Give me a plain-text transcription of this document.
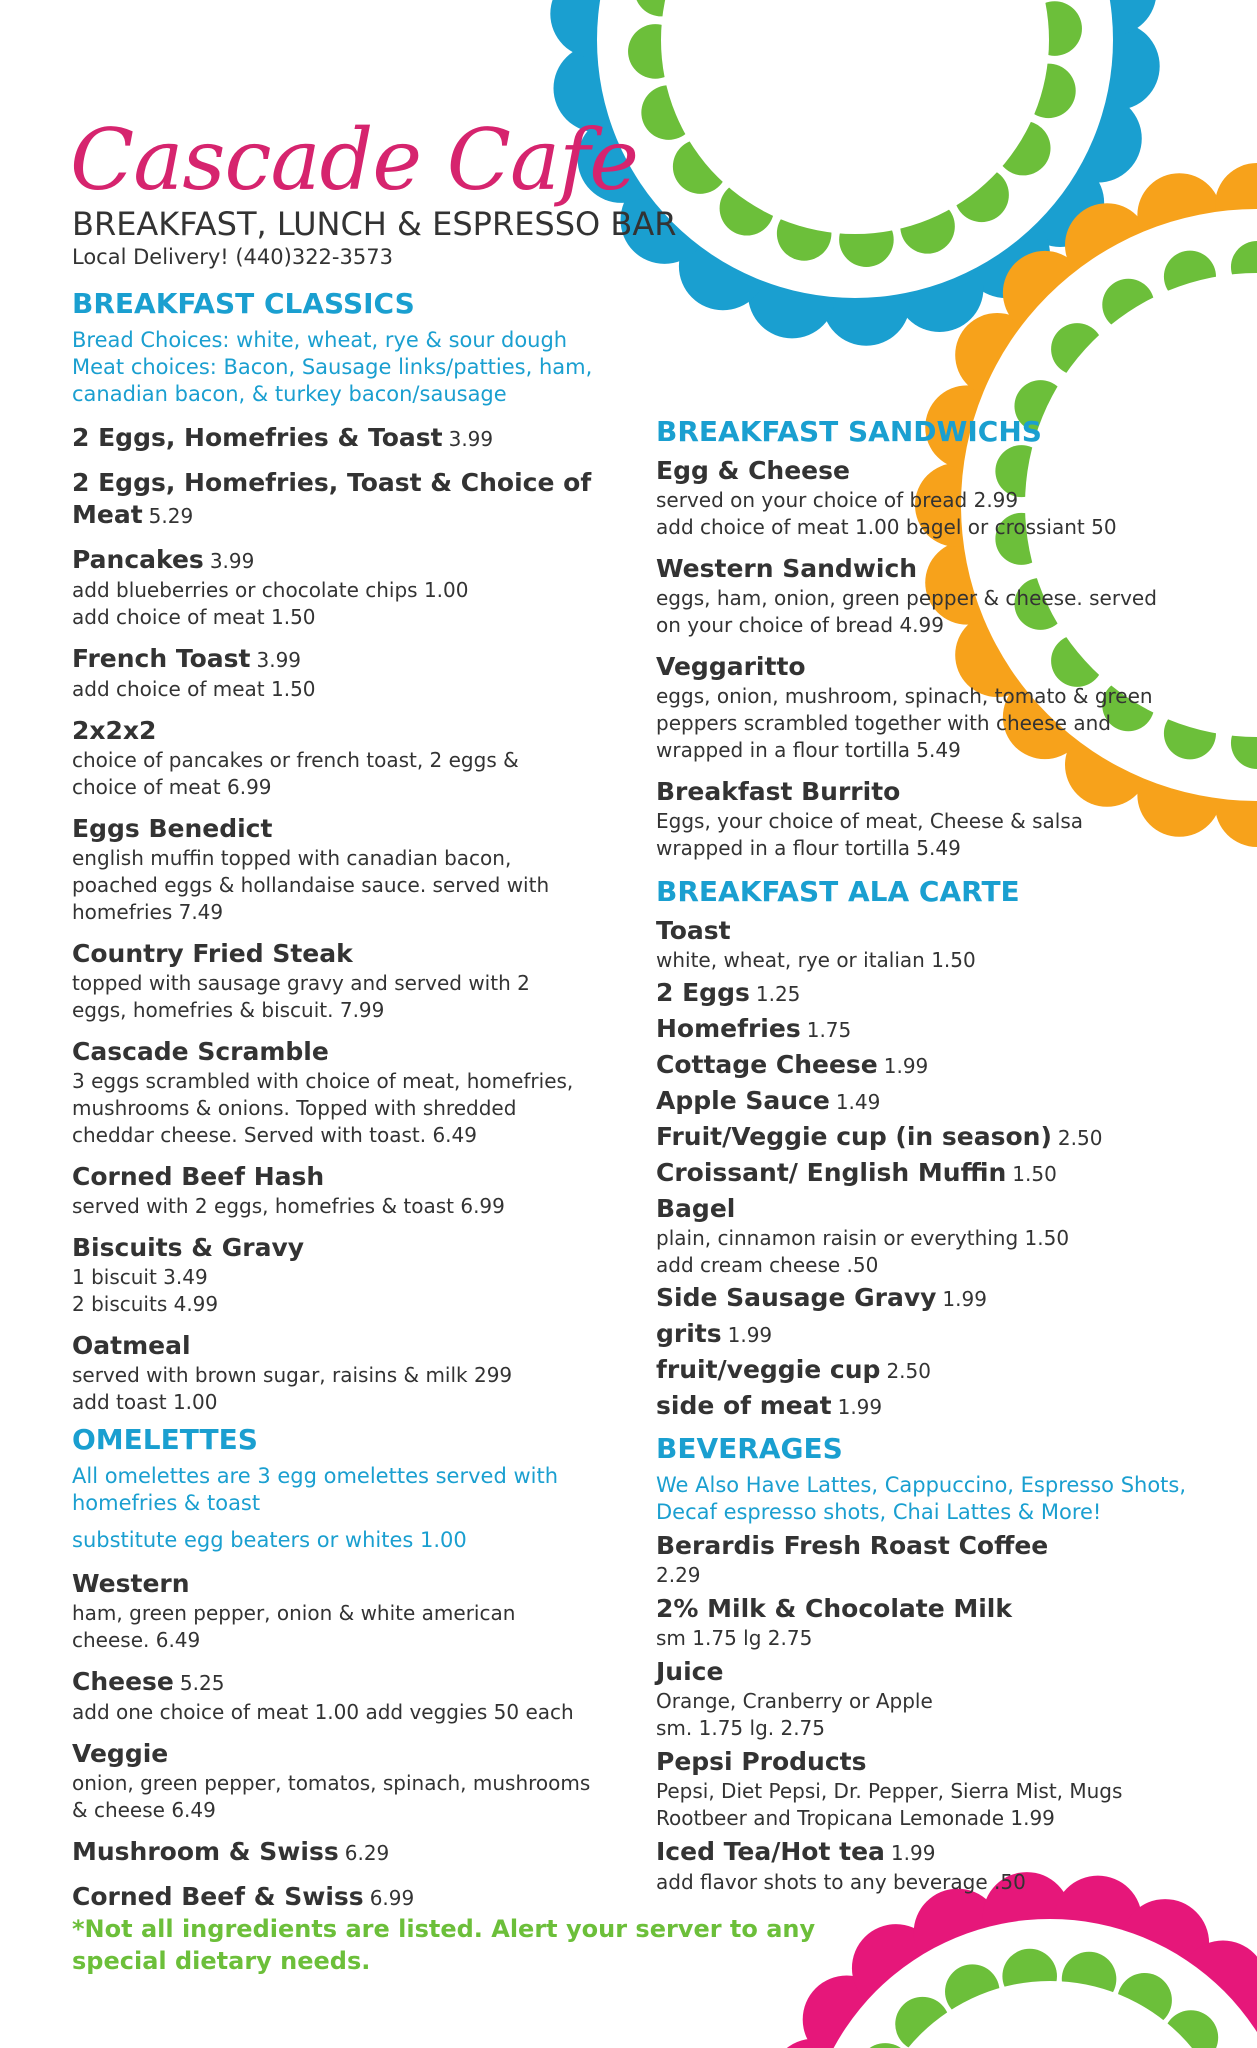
Cascade Cafe
BREAKFAST, LUNCH & ESPRESSO BAR
Local Delivery! (440)322-3573
BREAKFAST CLASSICS
Bread Choices: white, wheat, rye & sour dough
Meat choices: Bacon, Sausage links/patties, ham,
canadian bacon, & turkey bacon/sausage
2 Eggs, Homefries & Toast 3.99
2 Eggs, Homefries, Toast & Choice of
Meat 5.29
Pancakes 3.99
add blueberries or chocolate chips 1.00
add choice of meat 1.50
French Toast 3.99
add choice of meat 1.50
2x2x2
choice of pancakes or french toast, 2 eggs &
choice of meat 6.99
Eggs Benedict
english muffin topped with canadian bacon,
poached eggs & hollandaise sauce. served with
homefries 7.49
Country Fried Steak
topped with sausage gravy and served with 2
eggs, homefries & biscuit. 7.99
Cascade Scramble
3 eggs scrambled with choice of meat, homefries,
mushrooms & onions. Topped with shredded
cheddar cheese. Served with toast. 6.49
Corned Beef Hash
served with 2 eggs, homefries & toast 6.99
Biscuits & Gravy
1 biscuit 3.49
2 biscuits 4.99
Oatmeal
served with brown sugar, raisins & milk 299
add toast 1.00
OMELETTES
All omelettes are 3 egg omelettes served with
homefries & toast
substitute egg beaters or whites 1.00
Western
ham, green pepper, onion & white american
cheese. 6.49
Cheese 5.25
add one choice of meat 1.00 add veggies 50 each
Veggie
onion, green pepper, tomatos, spinach, mushrooms
& cheese 6.49
Mushroom & Swiss 6.29
Corned Beef & Swiss 6.99
BREAKFAST SANDWICHS
Egg & Cheese
served on your choice of bread 2.99
add choice of meat 1.00 bagel or crossiant 50
Western Sandwich
eggs, ham, onion, green pepper & cheese. served
on your choice of bread 4.99
Veggaritto
eggs, onion, mushroom, spinach, tomato & green
peppers scrambled together with cheese and
wrapped in a flour tortilla 5.49
Breakfast Burrito
Eggs, your choice of meat, Cheese & salsa
wrapped in a flour tortilla 5.49
BREAKFAST ALA CARTE
Toast
white, wheat, rye or italian 1.50
2 Eggs 1.25
Homefries 1.75
Cottage Cheese 1.99
Apple Sauce 1.49
Fruit/Veggie cup (in season) 2.50
Croissant/ English Muffin 1.50
Bagel
plain, cinnamon raisin or everything 1.50
add cream cheese .50
Side Sausage Gravy 1.99
grits 1.99
fruit/veggie cup 2.50
side of meat 1.99
BEVERAGES
We Also Have Lattes, Cappuccino, Espresso Shots,
Decaf espresso shots, Chai Lattes & More!
Berardis Fresh Roast Coffee
2.29
2% Milk & Chocolate Milk
sm 1.75 lg 2.75
Juice
Orange, Cranberry or Apple
sm. 1.75 lg. 2.75
Pepsi Products
Pepsi, Diet Pepsi, Dr. Pepper, Sierra Mist, Mugs
Rootbeer and Tropicana Lemonade 1.99
Iced Tea/Hot tea 1.99
add flavor shots to any beverage .50
*Not all ingredients are listed. Alert your server to any special dietary needs.
